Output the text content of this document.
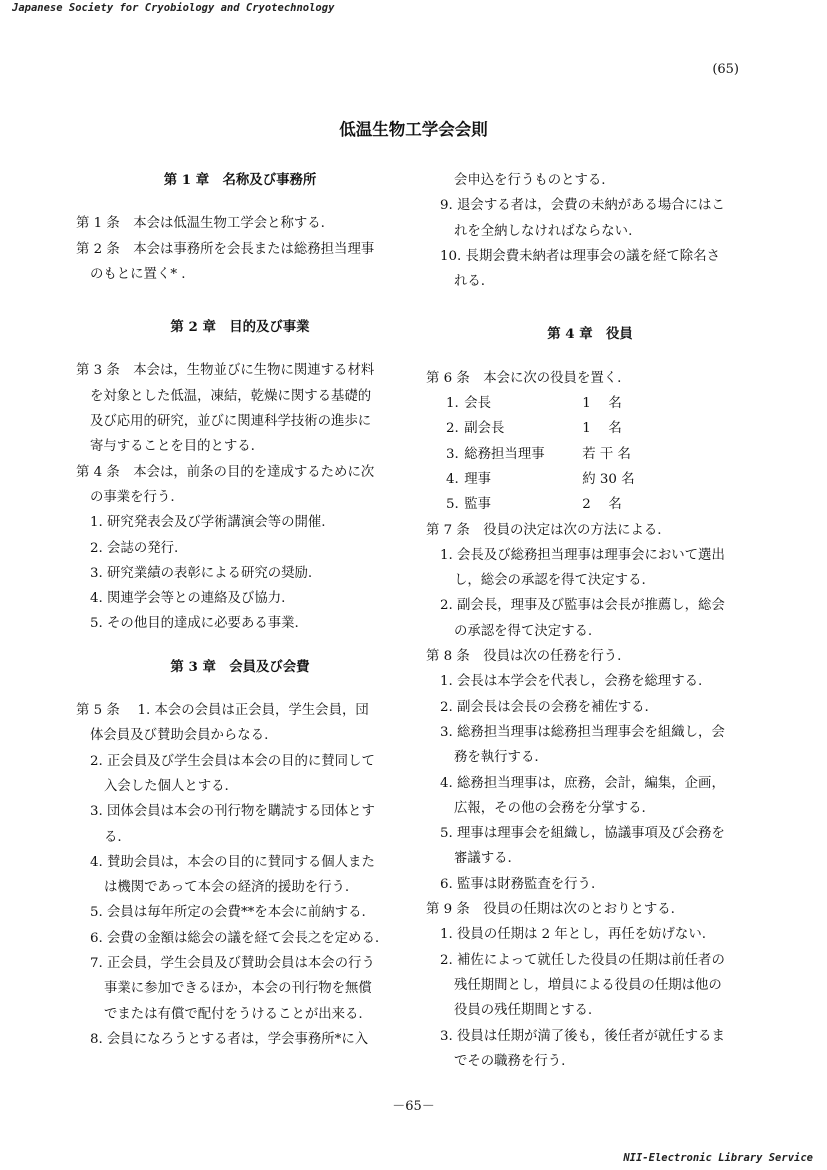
Japanese Society for Cryobiology and Cryotechnology
(65)
低温生物工学会会則
第 1 章　名称及び事務所
第 1 条　本会は低温生物工学会と称する.
第 2 条　本会は事務所を会長または総務担当理事
のもとに置く* .
第 2 章　目的及び事業
第 3 条　本会は，生物並びに生物に関連する材料
を対象とした低温，凍結，乾燥に関する基礎的
及び応用的研究，並びに関連科学技術の進歩に
寄与することを目的とする.
第 4 条　本会は，前条の目的を達成するために次
の事業を行う.
1. 研究発表会及び学術講演会等の開催.
2. 会誌の発行.
3. 研究業績の表彰による研究の奨励.
4. 関連学会等との連絡及び協力.
5. その他目的達成に必要ある事業.
第 3 章　会員及び会費
第 5 条　 1. 本会の会員は正会員，学生会員，団
体会員及び賛助会員からなる.
2. 正会員及び学生会員は本会の目的に賛同して
入会した個人とする.
3. 団体会員は本会の刊行物を購読する団体とす
る.
4. 賛助会員は，本会の目的に賛同する個人また
は機関であって本会の経済的援助を行う.
5. 会員は毎年所定の会費**を本会に前納する.
6. 会費の金額は総会の議を経て会長之を定める.
7. 正会員，学生会員及び賛助会員は本会の行う
事業に参加できるほか，本会の刊行物を無償
でまたは有償で配付をうけることが出来る.
8. 会員になろうとする者は，学会事務所*に入
会申込を行うものとする.
9. 退会する者は，会費の未納がある場合にはこ
れを全納しなければならない.
10. 長期会費未納者は理事会の議を経て除名さ
れる.
第 4 章　役員
第 6 条　本会に次の役員を置く.
1. 会長	1　 名
2. 副会長	1　 名
3. 総務担当理事	若 干 名
4. 理事	約 30 名
5. 監事	2　 名
第 7 条　役員の決定は次の方法による.
1. 会長及び総務担当理事は理事会において選出
し，総会の承認を得て決定する.
2. 副会長，理事及び監事は会長が推薦し，総会
の承認を得て決定する.
第 8 条　役員は次の任務を行う.
1. 会長は本学会を代表し，会務を総理する.
2. 副会長は会長の会務を補佐する.
3. 総務担当理事は総務担当理事会を組織し，会
務を執行する.
4. 総務担当理事は，庶務，会計，編集，企画，
広報，その他の会務を分掌する.
5. 理事は理事会を組織し，協議事項及び会務を
審議する.
6. 監事は財務監査を行う.
第 9 条　役員の任期は次のとおりとする.
1. 役員の任期は 2 年とし，再任を妨げない.
2. 補佐によって就任した役員の任期は前任者の
残任期間とし，増員による役員の任期は他の
役員の残任期間とする.
3. 役員は任期が満了後も，後任者が就任するま
でその職務を行う.
－65－
NII-Electronic Library Service
